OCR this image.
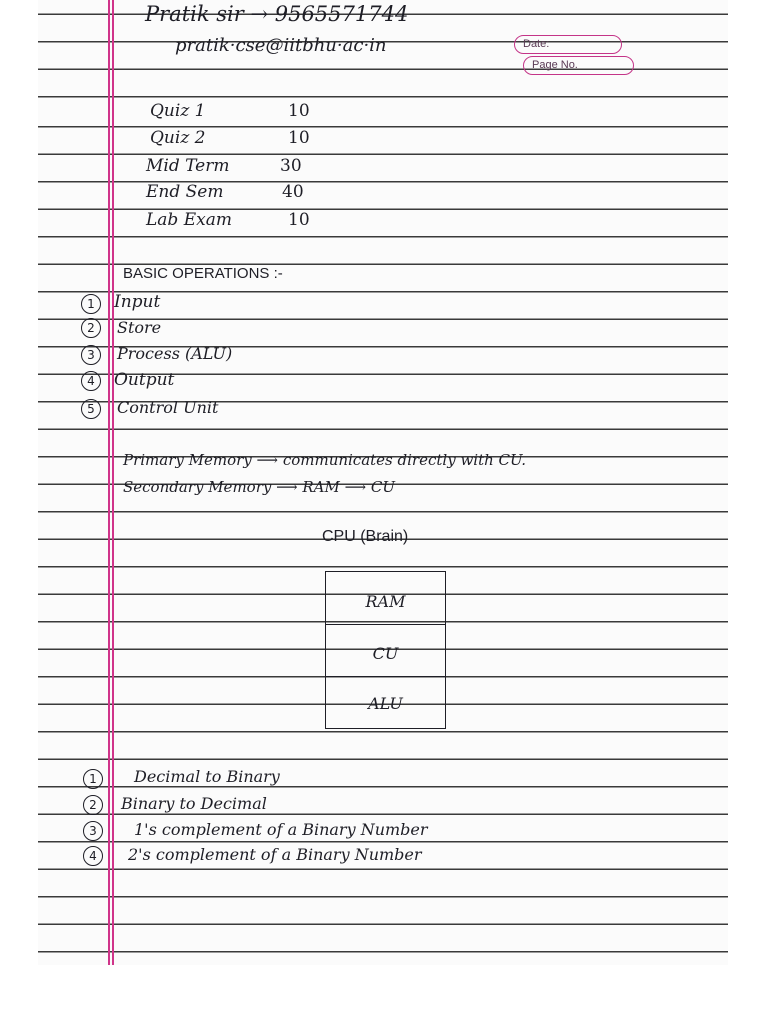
Pratik sir → 9565571744
pratik·cse@iitbhu·ac·in	Date:
Page No.
Quiz 1	10
Quiz 2	10
Mid Term	30
End Sem	40
Lab Exam	10
BASIC OPERATIONS :-
1	Input
2	Store
3	Process (ALU)
4	Output
5	Control Unit
Primary Memory ⟶ communicates directly with CU.
Secondary Memory ⟶ RAM ⟶ CU
CPU (Brain)
RAM
CU
ALU
1	Decimal to Binary
2	Binary to Decimal
3	1's complement of a Binary Number
4	2's complement of a Binary Number
